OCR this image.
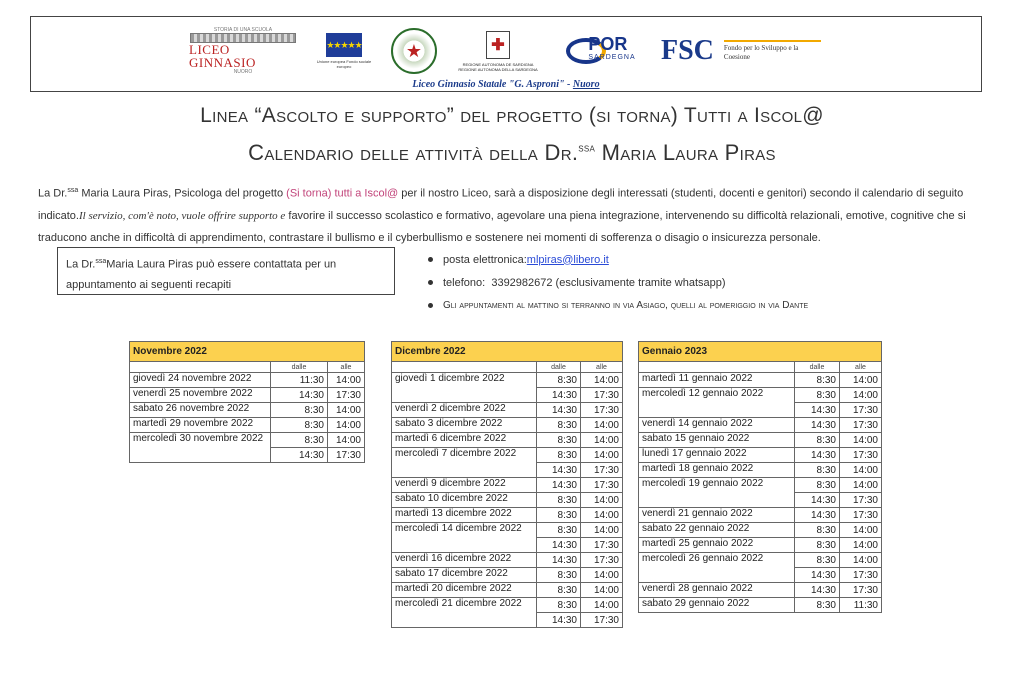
STORIA DI UNA SCUOLA
LICEO GINNASIO
NUORO
★★★★★
Unione europea Fondo sociale europeo
★	✚
REGIONE AUTONOMA DE SARDIGNA REGIONE AUTONOMA DELLA SARDEGNA
POR
SARDEGNA FSC Fondo per lo Sviluppo e la Coesione
Liceo Ginnasio Statale "G. Asproni" - Nuoro
Linea “Ascolto e supporto” del progetto (si torna) Tutti a Iscol@
Calendario delle attività della Dr.$^{ssa}$ Maria Laura Piras
La Dr.$^{ssa}$ Maria Laura Piras, Psicologa del progetto (Si torna) tutti a Iscol@ per il nostro Liceo, sarà a disposizione degli interessati (studenti, docenti e genitori) secondo il calendario di seguito indicato.Il servizio, com'è noto, vuole offrire supporto e favorire il successo scolastico e formativo, agevolare una piena integrazione, intervenendo su difficoltà relazionali, emotive, cognitive che si traducono anche in difficoltà di apprendimento, contrastare il bullismo e il cyberbullismo e sostenere nei momenti di sofferenza o disagio o insicurezza personale.
La Dr.$^{ssa}$Maria Laura Piras può essere contattata per un appuntamento ai seguenti recapiti
posta elettronica: mlpiras@libero.it
telefono:
3392982672 (esclusivamente tramite whatsapp)
Gli appuntamenti al mattino si terranno in via Asiago, quelli al pomeriggio in via Dante
Novembre 2022		
	dalle	alle
giovedì 24 novembre 2022	11:30	14:00
venerdì 25 novembre 2022	14:30	17:30
sabato 26 novembre 2022	8:30	14:00
martedì 29 novembre 2022	8:30	14:00
mercoledì 30 novembre 2022	8:30	14:00
	14:30	17:30
Dicembre 2022		
	dalle	alle
giovedì 1 dicembre 2022	8:30	14:00
	14:30	17:30
venerdì 2 dicembre 2022	14:30	17:30
sabato 3 dicembre 2022	8:30	14:00
martedì 6 dicembre 2022	8:30	14:00
mercoledì 7 dicembre 2022	8:30	14:00
	14:30	17:30
venerdì 9 dicembre 2022	14:30	17:30
sabato 10 dicembre 2022	8:30	14:00
martedì 13 dicembre 2022	8:30	14:00
mercoledì 14 dicembre 2022	8:30	14:00
	14:30	17:30
venerdì 16 dicembre 2022	14:30	17:30
sabato 17 dicembre 2022	8:30	14:00
martedì 20 dicembre 2022	8:30	14:00
mercoledì 21 dicembre 2022	8:30	14:00
	14:30	17:30
Gennaio 2023		
	dalle	alle
martedì 11 gennaio 2022	8:30	14:00
mercoledì 12 gennaio 2022	8:30	14:00
	14:30	17:30
venerdì 14 gennaio 2022	14:30	17:30
sabato 15 gennaio 2022	8:30	14:00
lunedì 17 gennaio 2022	14:30	17:30
martedì 18 gennaio 2022	8:30	14:00
mercoledì 19 gennaio 2022	8:30	14:00
	14:30	17:30
venerdì 21 gennaio 2022	14:30	17:30
sabato 22 gennaio 2022	8:30	14:00
martedì 25 gennaio 2022	8:30	14:00
mercoledì 26 gennaio 2022	8:30	14:00
	14:30	17:30
venerdì 28 gennaio 2022	14:30	17:30
sabato 29 gennaio 2022	8:30	11:30
